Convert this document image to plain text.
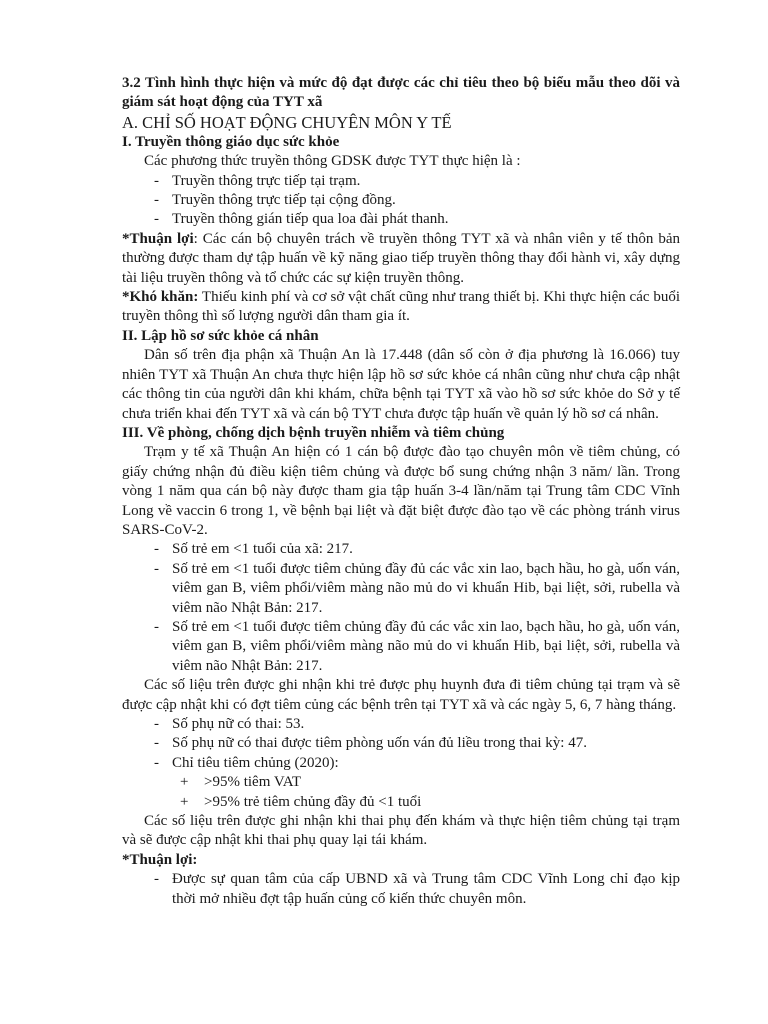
3.2 Tình hình thực hiện và mức độ đạt được các chỉ tiêu theo bộ biểu mẫu theo dõi và giám sát hoạt động của TYT xã

A. CHỈ SỐ HOẠT ĐỘNG CHUYÊN MÔN Y TẾ

I. Truyền thông giáo dục sức khỏe

Các phương thức truyền thông GDSK được TYT thực hiện là :

- Truyền thông trực tiếp tại trạm.
- Truyền thông trực tiếp tại cộng đồng.
- Truyền thông gián tiếp qua loa đài phát thanh.

*Thuận lợi: Các cán bộ chuyên trách về truyền thông TYT xã và nhân viên y tế thôn bản thường được tham dự tập huấn về kỹ năng giao tiếp truyền thông thay đổi hành vi, xây dựng tài liệu truyền thông và tổ chức các sự kiện truyền thông.

*Khó khăn: Thiếu kinh phí và cơ sở vật chất cũng như trang thiết bị. Khi thực hiện các buổi truyền thông thì số lượng người dân tham gia ít.

II. Lập hồ sơ sức khỏe cá nhân

Dân số trên địa phận xã Thuận An là 17.448 (dân số còn ở địa phương là 16.066) tuy nhiên TYT xã Thuận An chưa thực hiện lập hồ sơ sức khỏe cá nhân cũng như chưa cập nhật các thông tin của người dân khi khám, chữa bệnh tại TYT xã vào hồ sơ sức khỏe do Sở y tế chưa triển khai đến TYT xã và cán bộ TYT chưa được tập huấn về quản lý hồ sơ cá nhân.

III. Về phòng, chống dịch bệnh truyền nhiễm và tiêm chủng

Trạm y tế xã Thuận An hiện có 1 cán bộ được đào tạo chuyên môn về tiêm chủng, có giấy chứng nhận đủ điều kiện tiêm chủng và được bổ sung chứng nhận 3 năm/ lần. Trong vòng 1 năm qua cán bộ này được tham gia tập huấn 3-4 lần/năm tại Trung tâm CDC Vĩnh Long về vaccin 6 trong 1, về bệnh bại liệt và đặt biệt được đào tạo về các phòng tránh virus SARS-CoV-2.

- Số trẻ em <1 tuổi của xã: 217.
- Số trẻ em <1 tuổi được tiêm chủng đầy đủ các vắc xin lao, bạch hầu, ho gà, uốn ván, viêm gan B, viêm phổi/viêm màng não mủ do vi khuẩn Hib, bại liệt, sởi, rubella và viêm não Nhật Bản: 217.
- Số trẻ em <1 tuổi được tiêm chủng đầy đủ các vắc xin lao, bạch hầu, ho gà, uốn ván, viêm gan B, viêm phổi/viêm màng não mủ do vi khuẩn Hib, bại liệt, sởi, rubella và viêm não Nhật Bản: 217.

Các số liệu trên được ghi nhận khi trẻ được phụ huynh đưa đi tiêm chủng tại trạm và sẽ được cập nhật khi có đợt tiêm củng các bệnh trên tại TYT xã và các ngày 5, 6, 7 hàng tháng.

- Số phụ nữ có thai: 53.
- Số phụ nữ có thai được tiêm phòng uốn ván đủ liều trong thai kỳ: 47.
- Chỉ tiêu tiêm chủng (2020):
+ >95% tiêm VAT
+ >95% trẻ tiêm chủng đầy đủ <1 tuổi

Các số liệu trên được ghi nhận khi thai phụ đến khám và thực hiện tiêm chủng tại trạm và sẽ được cập nhật khi thai phụ quay lại tái khám.

*Thuận lợi:

- Được sự quan tâm của cấp UBND xã và Trung tâm CDC Vĩnh Long chỉ đạo kịp thời mở nhiều đợt tập huấn củng cố kiến thức chuyên môn.
